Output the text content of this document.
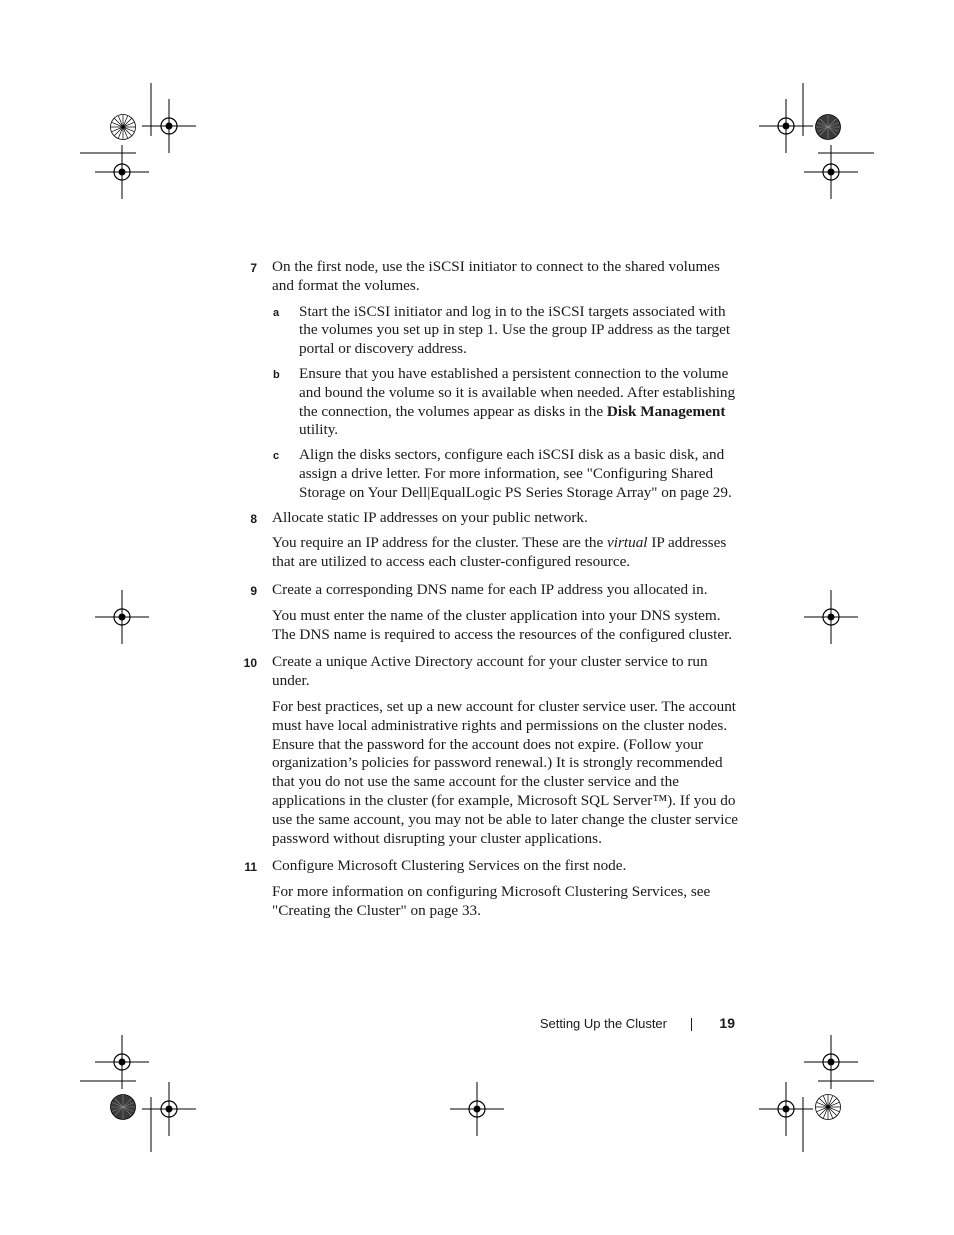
7 On the first node, use the iSCSI initiator to connect to the shared volumes and format the volumes.

a Start the iSCSI initiator and log in to the iSCSI targets associated with the volumes you set up in step 1. Use the group IP address as the target portal or discovery address.

b Ensure that you have established a persistent connection to the volume and bound the volume so it is available when needed. After establishing the connection, the volumes appear as disks in the Disk Management utility.

c Align the disks sectors, configure each iSCSI disk as a basic disk, and assign a drive letter. For more information, see "Configuring Shared Storage on Your Dell|EqualLogic PS Series Storage Array" on page 29.

8 Allocate static IP addresses on your public network.

You require an IP address for the cluster. These are the virtual IP addresses that are utilized to access each cluster-configured resource.

9 Create a corresponding DNS name for each IP address you allocated in.

You must enter the name of the cluster application into your DNS system. The DNS name is required to access the resources of the configured cluster.

10 Create a unique Active Directory account for your cluster service to run under.

For best practices, set up a new account for cluster service user. The account must have local administrative rights and permissions on the cluster nodes. Ensure that the password for the account does not expire. (Follow your organization’s policies for password renewal.) It is strongly recommended that you do not use the same account for the cluster service and the applications in the cluster (for example, Microsoft SQL Server™). If you do use the same account, you may not be able to later change the cluster service password without disrupting your cluster applications.

11 Configure Microsoft Clustering Services on the first node.

For more information on configuring Microsoft Clustering Services, see "Creating the Cluster" on page 33.

Setting Up the Cluster	19
